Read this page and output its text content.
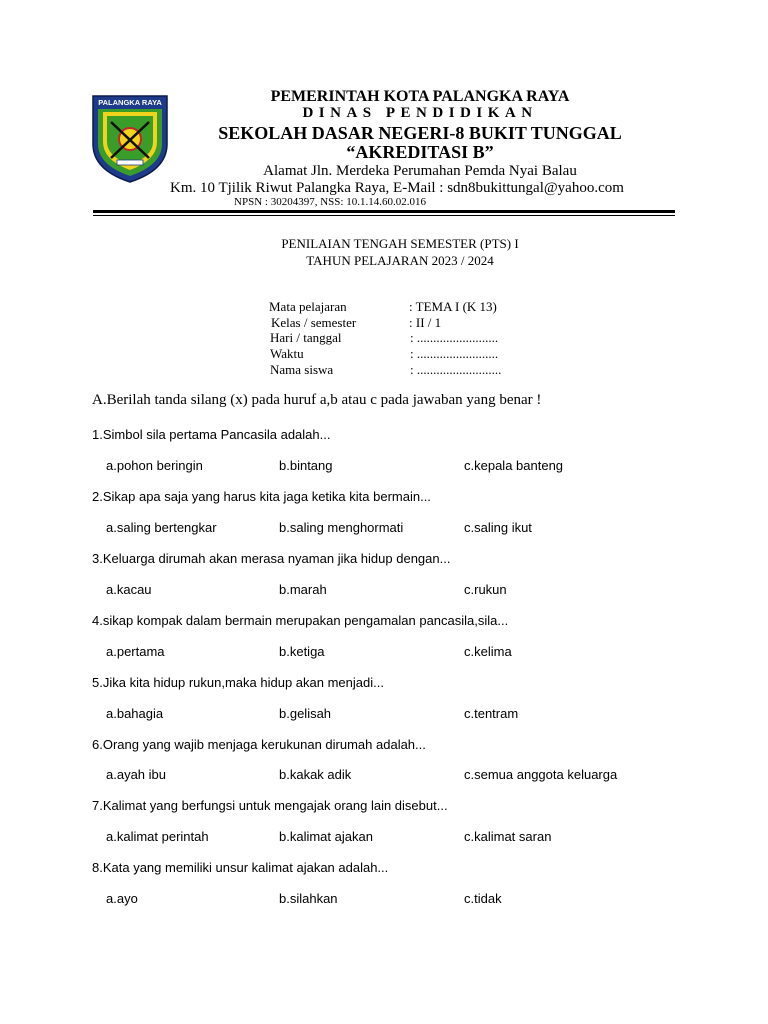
PALANGKA RAYA	PEMERINTAH KOTA PALANGKA RAYA
DINAS PENDIDIKAN
SEKOLAH DASAR NEGERI-8 BUKIT TUNGGAL
“AKREDITASI B”
Alamat Jln. Merdeka Perumahan Pemda Nyai Balau
Km. 10 Tjilik Riwut Palangka Raya, E-Mail : sdn8bukittungal@yahoo.com
NPSN : 30204397, NSS: 10.1.14.60.02.016
PENILAIAN TENGAH SEMESTER (PTS) I
TAHUN PELAJARAN 2023 / 2024
Mata pelajaran	: TEMA I (K 13)
Kelas / semester	: II / 1
Hari / tanggal	: .........................
Waktu	: .........................
Nama siswa	: ..........................
A.Berilah tanda silang (x) pada huruf a,b atau c pada jawaban yang benar !
1.Simbol sila pertama Pancasila adalah...
a.pohon beringin	b.bintang	c.kepala banteng
2.Sikap apa saja yang harus kita jaga ketika kita bermain...
a.saling bertengkar	b.saling menghormati	c.saling ikut
3.Keluarga dirumah akan merasa nyaman jika hidup dengan...
a.kacau	b.marah	c.rukun
4.sikap kompak dalam bermain merupakan pengamalan pancasila,sila...
a.pertama	b.ketiga	c.kelima
5.Jika kita hidup rukun,maka hidup akan menjadi...
a.bahagia	b.gelisah	c.tentram
6.Orang yang wajib menjaga kerukunan dirumah adalah...
a.ayah ibu	b.kakak adik	c.semua anggota keluarga
7.Kalimat yang berfungsi untuk mengajak orang lain disebut...
a.kalimat perintah	b.kalimat ajakan	c.kalimat saran
8.Kata yang memiliki unsur kalimat ajakan adalah...
a.ayo	b.silahkan	c.tidak
